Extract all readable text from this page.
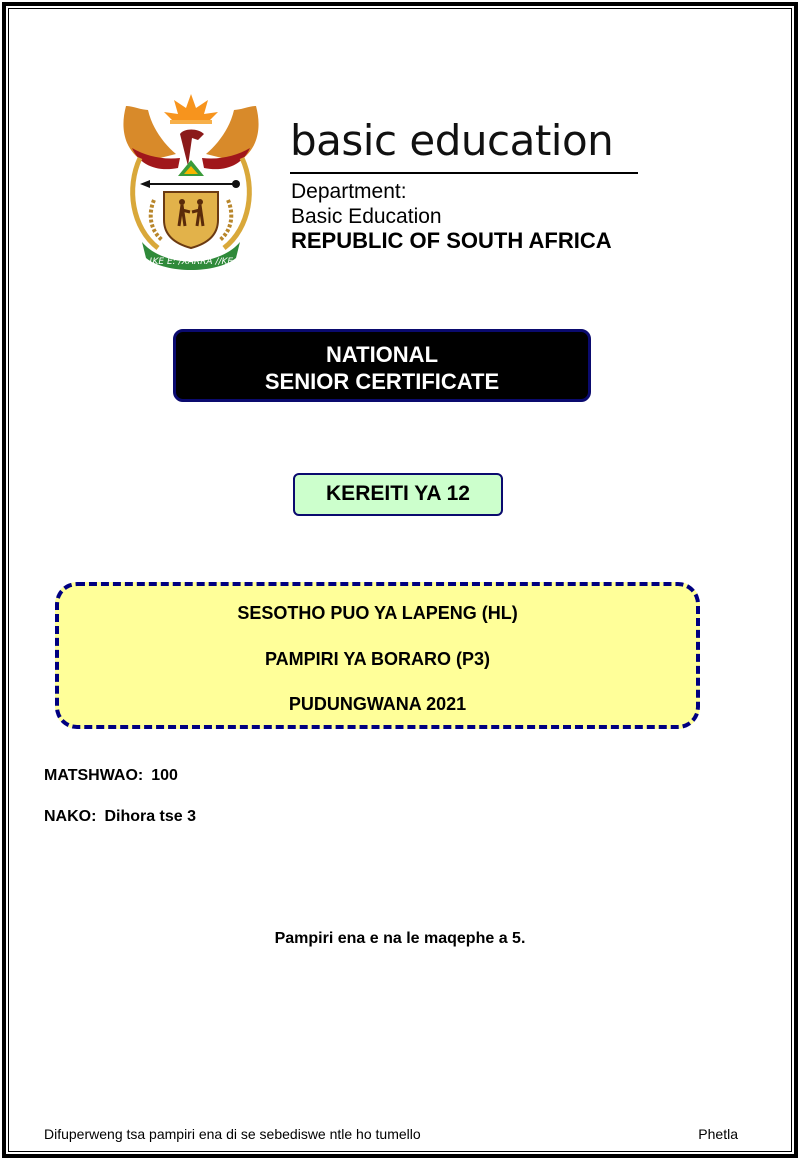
!KE E: /XARRA //KE
basic education
Department:
Basic Education
REPUBLIC OF SOUTH AFRICA
NATIONAL
SENIOR CERTIFICATE
KEREITI YA 12
SESOTHO PUO YA LAPENG (HL)
PAMPIRI YA BORARO (P3)
PUDUNGWANA 2021
MATSHWAO: 100
NAKO: Dihora tse 3
Pampiri ena e na le maqephe a 5.
Difuperweng tsa pampiri ena di se sebediswe ntle ho tumello	Phetla
